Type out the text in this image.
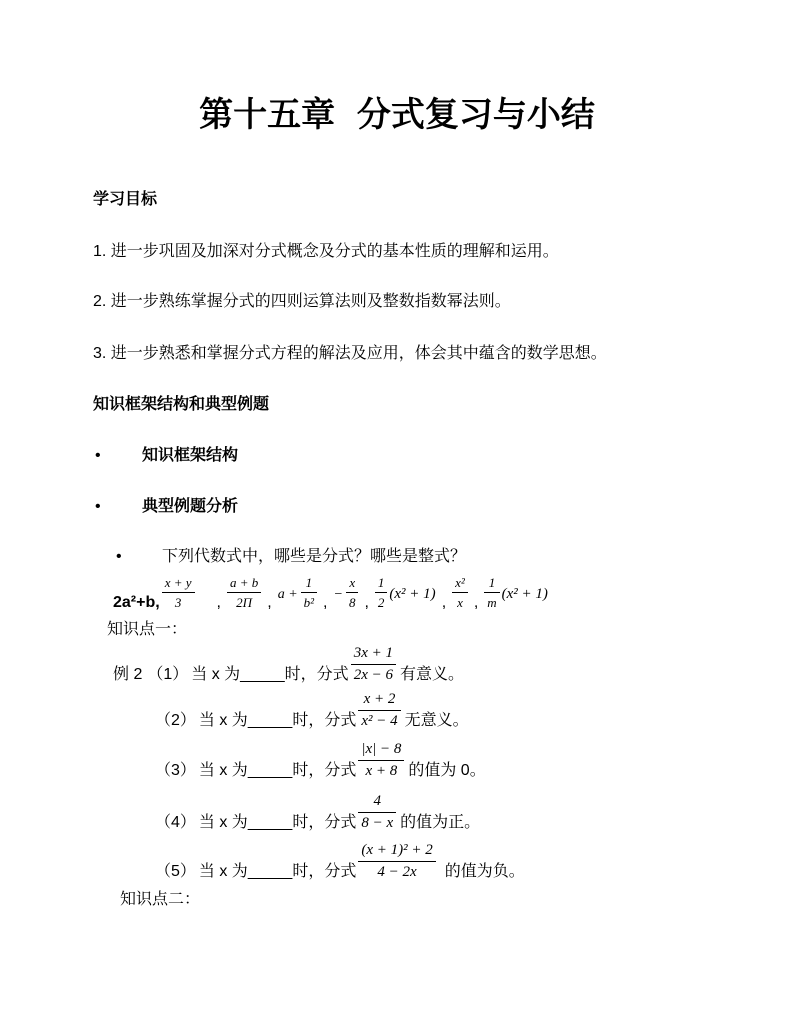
第十五章 分式复习与小结
学习目标
1. 进一步巩固及加深对分式概念及分式的基本性质的理解和运用。
2. 进一步熟练掌握分式的四则运算法则及整数指数幂法则。
3. 进一步熟悉和掌握分式方程的解法及应用，体会其中蕴含的数学思想。
知识框架结构和典型例题
•	知识框架结构
•	典型例题分析
•	下列代数式中，哪些是分式？哪些是整式？
2a²+b, $\frac{x + y}{3}$ , $\frac{a + b}{2\Pi}$ , $a + \frac{1}{\text{b²}}$ , − $\frac{x}{8}$ , $\frac{1}{2} (x^2 + 1)$ , $\frac{\text{x²}}{x}$ , $\frac{1}{m} (x^2 + 1)$
知识点一：
例 2 （1） 当 x 为_____时，分式 $\frac{3x + 1}{2x - 6}$ 有意义。
（2） 当 x 为_____时，分式 $\frac{x + 2}{\text{x² − 4}}$ 无意义。
（3） 当 x 为_____时，分式 $\frac{|x| - 8}{x + 8}$ 的值为 0。
（4） 当 x 为_____时，分式 $\frac{4}{8 - x}$ 的值为正。
（5） 当 x 为_____时，分式 $\frac{\text{(x + 1)² + 2}}{4 - 2x}$ 的值为负。
知识点二：
